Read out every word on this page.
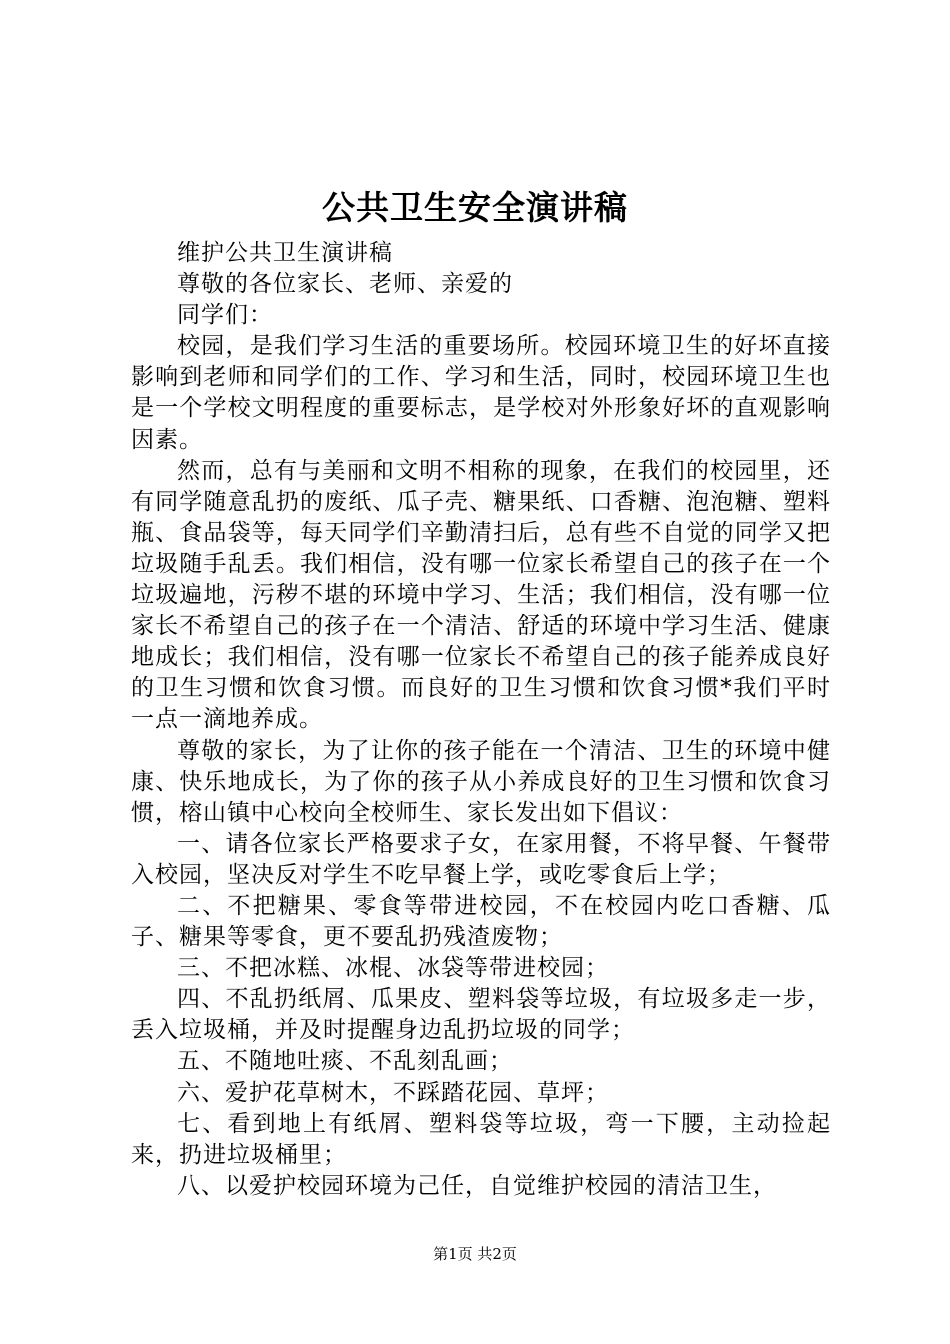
公共卫生安全演讲稿

维护公共卫生演讲稿

尊敬的各位家长、老师、亲爱的

同学们：

校园，是我们学习生活的重要场所。校园环境卫生的好坏直接影响到老师和同学们的工作、学习和生活，同时，校园环境卫生也是一个学校文明程度的重要标志，是学校对外形象好坏的直观影响因素。

然而，总有与美丽和文明不相称的现象，在我们的校园里，还有同学随意乱扔的废纸、瓜子壳、糖果纸、口香糖、泡泡糖、塑料瓶、食品袋等，每天同学们辛勤清扫后，总有些不自觉的同学又把垃圾随手乱丢。我们相信，没有哪一位家长希望自己的孩子在一个垃圾遍地，污秽不堪的环境中学习、生活；我们相信，没有哪一位家长不希望自己的孩子在一个清洁、舒适的环境中学习生活、健康地成长；我们相信，没有哪一位家长不希望自己的孩子能养成良好的卫生习惯和饮食习惯。而良好的卫生习惯和饮食习惯*我们平时一点一滴地养成。

尊敬的家长，为了让你的孩子能在一个清洁、卫生的环境中健康、快乐地成长，为了你的孩子从小养成良好的卫生习惯和饮食习惯，榕山镇中心校向全校师生、家长发出如下倡议：

一、请各位家长严格要求子女，在家用餐，不将早餐、午餐带入校园，坚决反对学生不吃早餐上学，或吃零食后上学；

二、不把糖果、零食等带进校园，不在校园内吃口香糖、瓜子、糖果等零食，更不要乱扔残渣废物；

三、不把冰糕、冰棍、冰袋等带进校园；

四、不乱扔纸屑、瓜果皮、塑料袋等垃圾，有垃圾多走一步，丢入垃圾桶，并及时提醒身边乱扔垃圾的同学；

五、不随地吐痰、不乱刻乱画；

六、爱护花草树木，不踩踏花园、草坪；

七、看到地上有纸屑、塑料袋等垃圾，弯一下腰，主动捡起来，扔进垃圾桶里；

八、以爱护校园环境为己任，自觉维护校园的清洁卫生，

第1页 共2页
